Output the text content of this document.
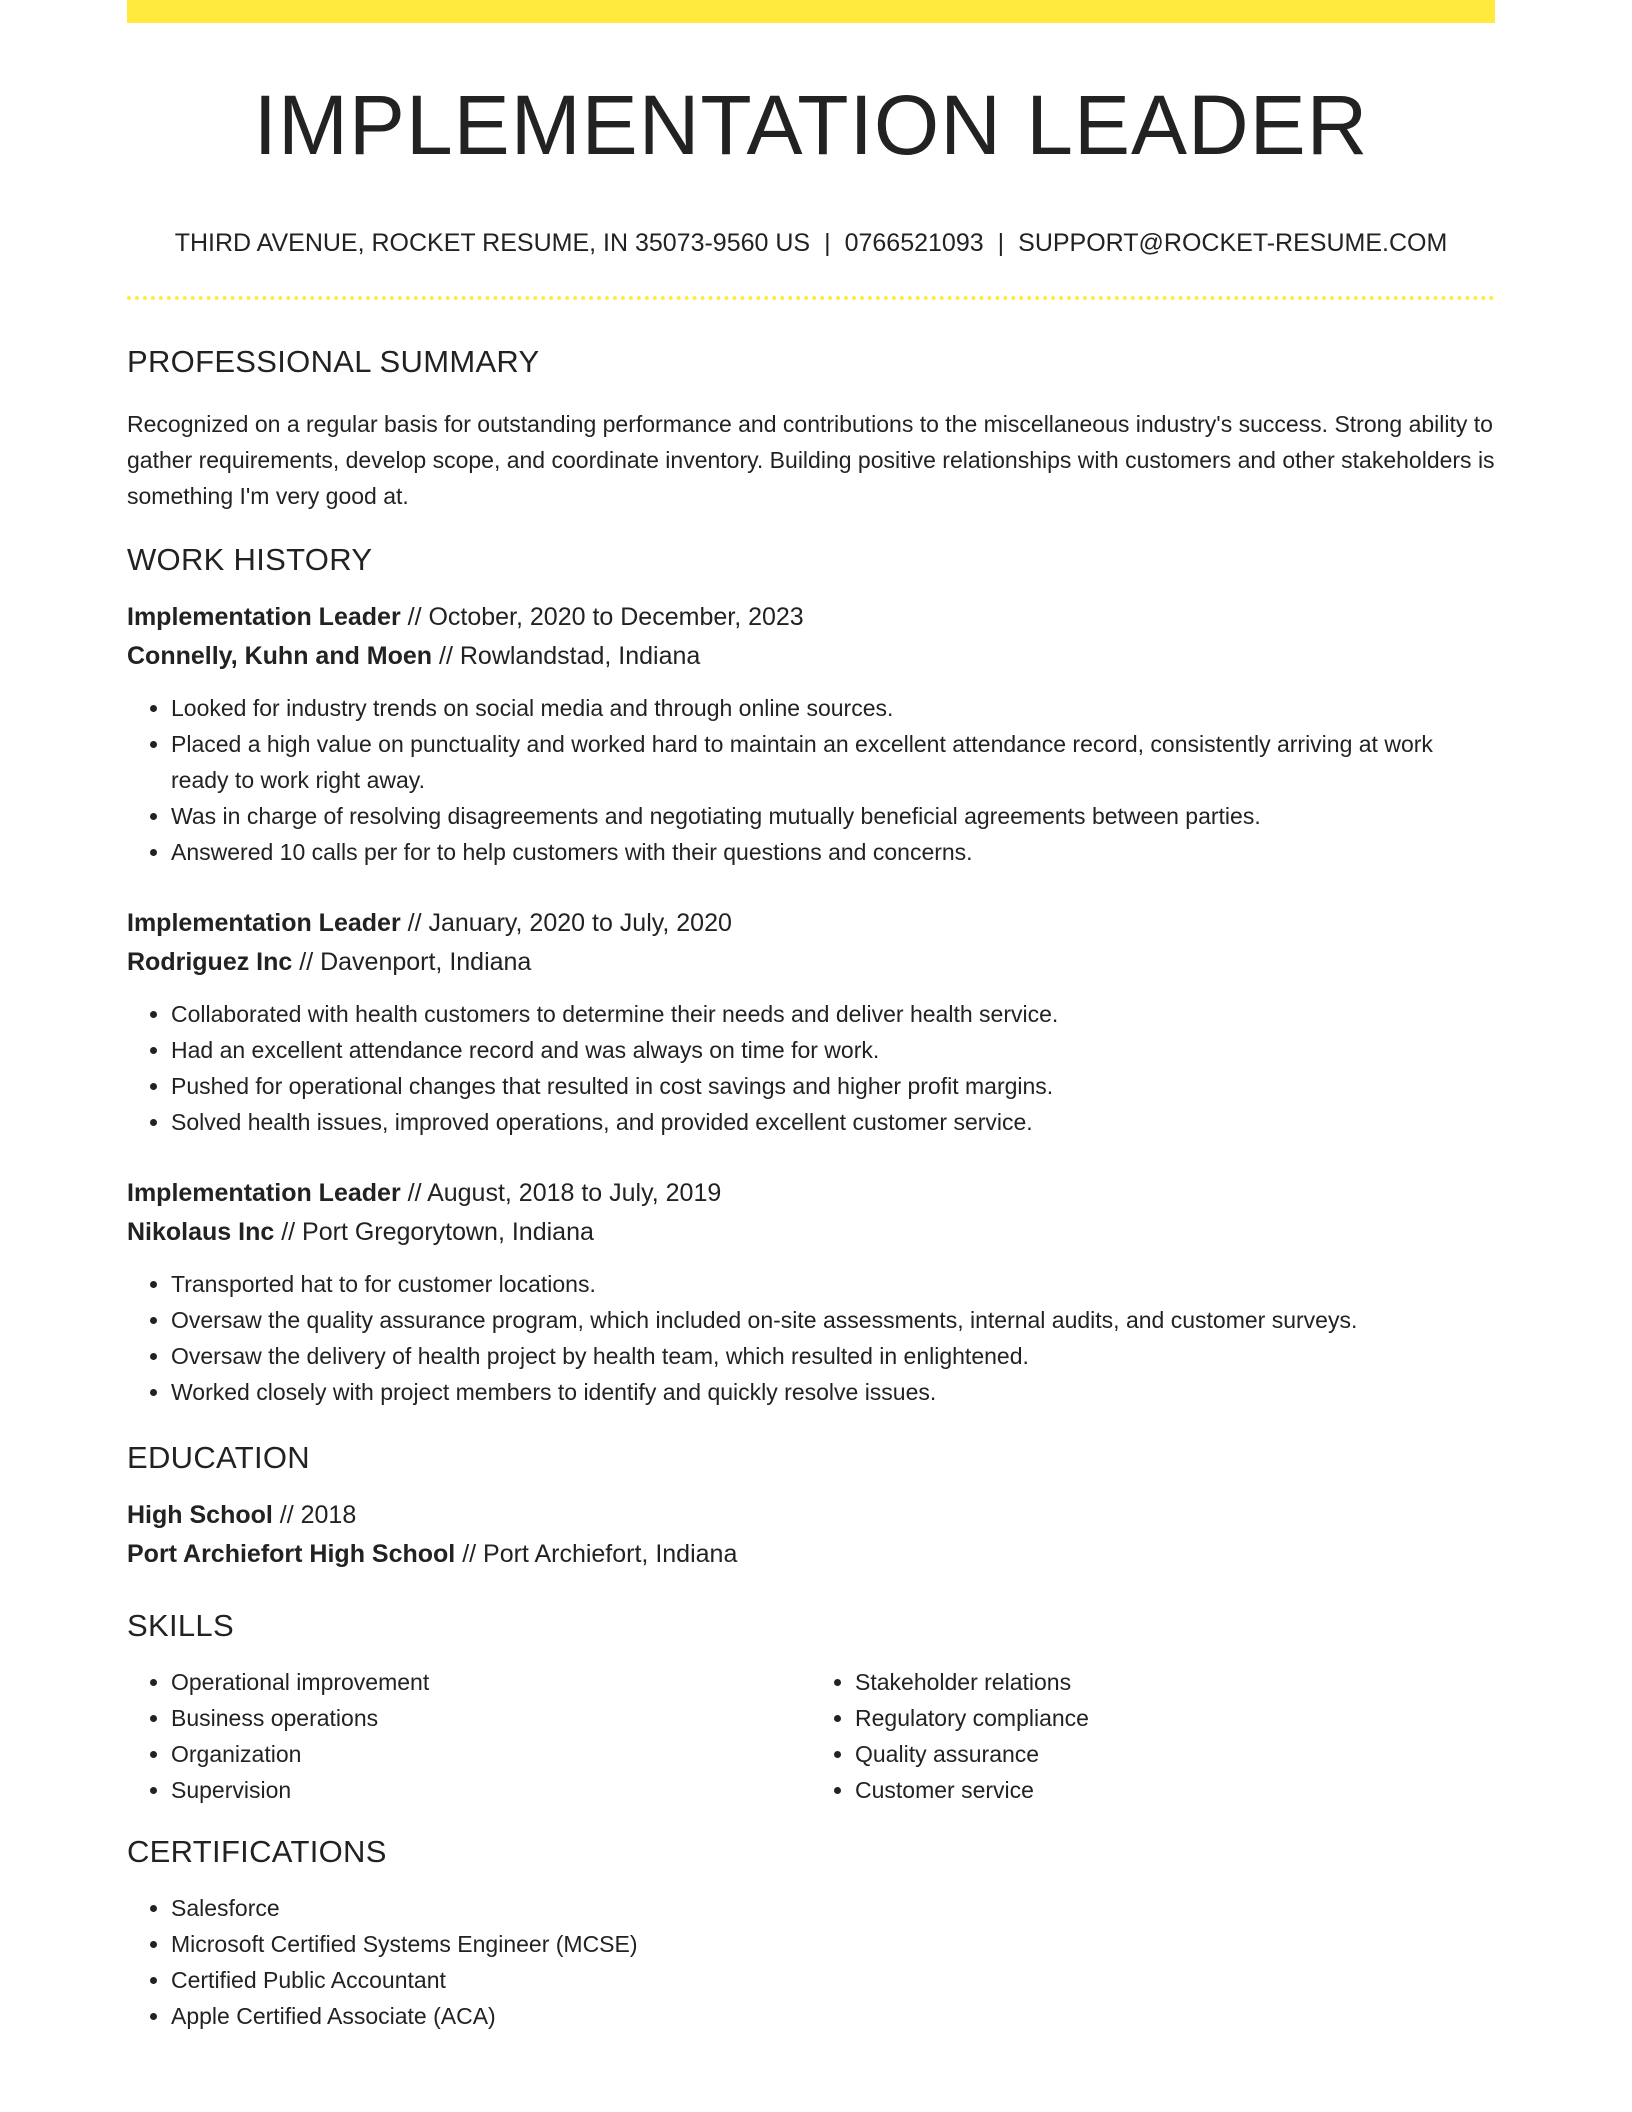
IMPLEMENTATION LEADER
THIRD AVENUE, ROCKET RESUME, IN 35073-9560 US | 0766521093 | SUPPORT@ROCKET-RESUME.COM
PROFESSIONAL SUMMARY

Recognized on a regular basis for outstanding performance and contributions to the miscellaneous industry's success. Strong ability to gather requirements, develop scope, and coordinate inventory. Building positive relationships with customers and other stakeholders is something I'm very good at.

WORK HISTORY
Implementation Leader // October, 2020 to December, 2023
Connelly, Kuhn and Moen // Rowlandstad, Indiana
• Looked for industry trends on social media and through online sources.
• Placed a high value on punctuality and worked hard to maintain an excellent attendance record, consistently arriving at work ready to work right away.
• Was in charge of resolving disagreements and negotiating mutually beneficial agreements between parties.
• Answered 10 calls per for to help customers with their questions and concerns.
Implementation Leader // January, 2020 to July, 2020
Rodriguez Inc // Davenport, Indiana
• Collaborated with health customers to determine their needs and deliver health service.
• Had an excellent attendance record and was always on time for work.
• Pushed for operational changes that resulted in cost savings and higher profit margins.
• Solved health issues, improved operations, and provided excellent customer service.
Implementation Leader // August, 2018 to July, 2019
Nikolaus Inc // Port Gregorytown, Indiana
• Transported hat to for customer locations.
• Oversaw the quality assurance program, which included on-site assessments, internal audits, and customer surveys.
• Oversaw the delivery of health project by health team, which resulted in enlightened.
• Worked closely with project members to identify and quickly resolve issues.
EDUCATION
High School // 2018
Port Archiefort High School // Port Archiefort, Indiana
SKILLS
• Operational improvement
• Business operations
• Organization
• Supervision
• Stakeholder relations
• Regulatory compliance
• Quality assurance
• Customer service
CERTIFICATIONS
• Salesforce
• Microsoft Certified Systems Engineer (MCSE)
• Certified Public Accountant
• Apple Certified Associate (ACA)
